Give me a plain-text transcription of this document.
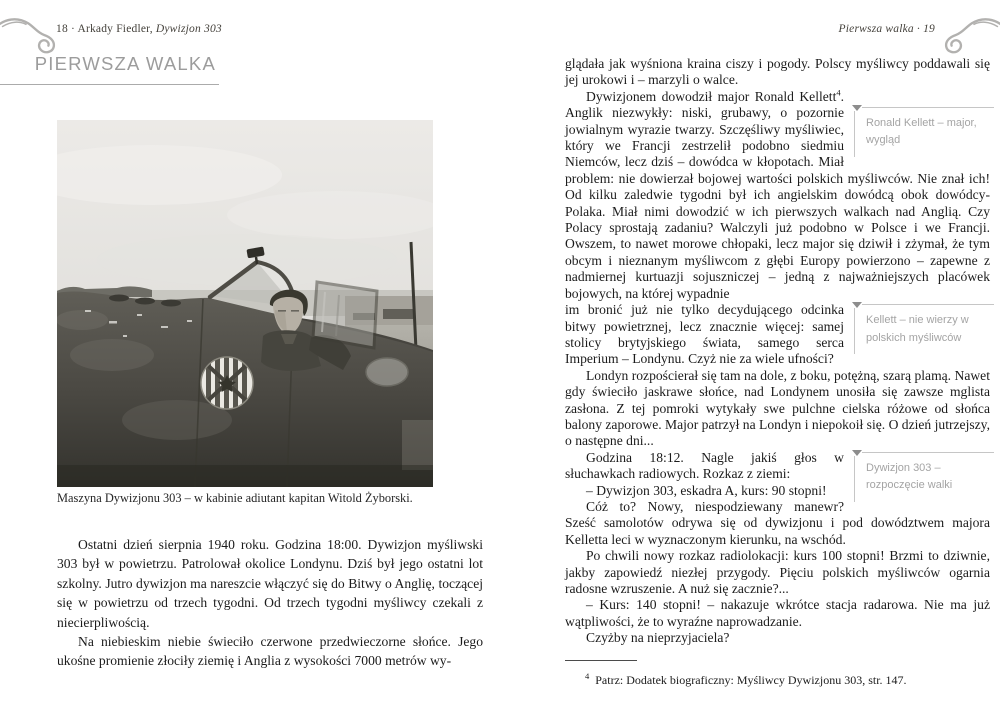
18 · Arkady Fiedler, Dywizjon 303
PIERWSZA WALKA
Maszyna Dywizjonu 303 – w kabinie adiutant kapitan Witold Żyborski.

Ostatni dzień sierpnia 1940 roku. Godzina 18:00. Dywizjon myśliwski 303 był w powietrzu. Patrolował okolice Londynu. Dziś był jego ostatni lot szkolny. Jutro dywizjon ma nareszcie włączyć się do Bitwy o Anglię, toczącej się w powietrzu od trzech tygodni. Od trzech tygodni myśliwcy czekali z niecierpliwością.

Na niebieskim niebie świeciło czerwone przedwieczorne słońce. Jego ukośne promienie złociły ziemię i Anglia z wysokości 7000 metrów wy-

Pierwsza walka · 19

glądała jak wyśniona kraina ciszy i pogody. Polscy myśliwcy poddawali się jej urokowi i – marzyli o walce.

Ronald Kellett – major, wygląd

Dywizjonem dowodził major Ronald Kellett$^4$. Anglik niezwykły: niski, grubawy, o pozornie jowialnym wyrazie twarzy. Szczęśliwy myśliwiec, który we Francji zestrzelił podobno siedmiu Niemców, lecz dziś – dowódca w kłopotach. Miał problem: nie dowierzał bojowej wartości polskich myśliwców. Nie znał ich! Od kilku zaledwie tygodni był ich angielskim dowódcą obok dowódcy-Polaka. Miał nimi dowodzić w ich pierwszych walkach nad Anglią. Czy Polacy sprostają zadaniu? Walczyli już podobno w Polsce i we Francji. Owszem, to nawet morowe chłopaki, lecz major się dziwił i zżymał, że tym obcym i nieznanym myśliwcom z głębi Europy powierzono – zapewne z nadmiernej kurtuazji sojuszniczej – jedną z najważniejszych placówek bojowych, na której wypadnie

Kellett – nie wierzy w polskich myśliwców

im bronić już nie tylko decydującego odcinka bitwy powietrznej, lecz znacznie więcej: samej stolicy brytyjskiego świata, samego serca Imperium – Londynu. Czyż nie za wiele ufności?

Londyn rozpościerał się tam na dole, z boku, potężną, szarą plamą. Nawet gdy świeciło jaskrawe słońce, nad Londynem unosiła się zawsze mglista zasłona. Z tej pomroki wytykały swe pulchne cielska różowe od słońca balony zaporowe. Major patrzył na Londyn i niepokoił się. O dzień jutrzejszy, o następne dni...

Dywizjon 303 – rozpoczęcie walki

Godzina 18:12. Nagle jakiś głos w słuchawkach radiowych. Rozkaz z ziemi:

– Dywizjon 303, eskadra A, kurs: 90 stopni!

Cóż to? Nowy, niespodziewany manewr? Sześć samolotów odrywa się od dywizjonu i pod dowództwem majora Kelletta leci w wyznaczonym kierunku, na wschód.

Po chwili nowy rozkaz radiolokacji: kurs 100 stopni! Brzmi to dziwnie, jakby zapowiedź niezłej przygody. Pięciu polskich myśliwców ogarnia radosne wzruszenie. A nuż się zacznie?...

– Kurs: 140 stopni! – nakazuje wkrótce stacja radarowa. Nie ma już wątpliwości, że to wyraźne naprowadzanie.

Czyżby na nieprzyjaciela?

$^4$ Patrz: Dodatek biograficzny: Myśliwcy Dywizjonu 303, str. 147.
